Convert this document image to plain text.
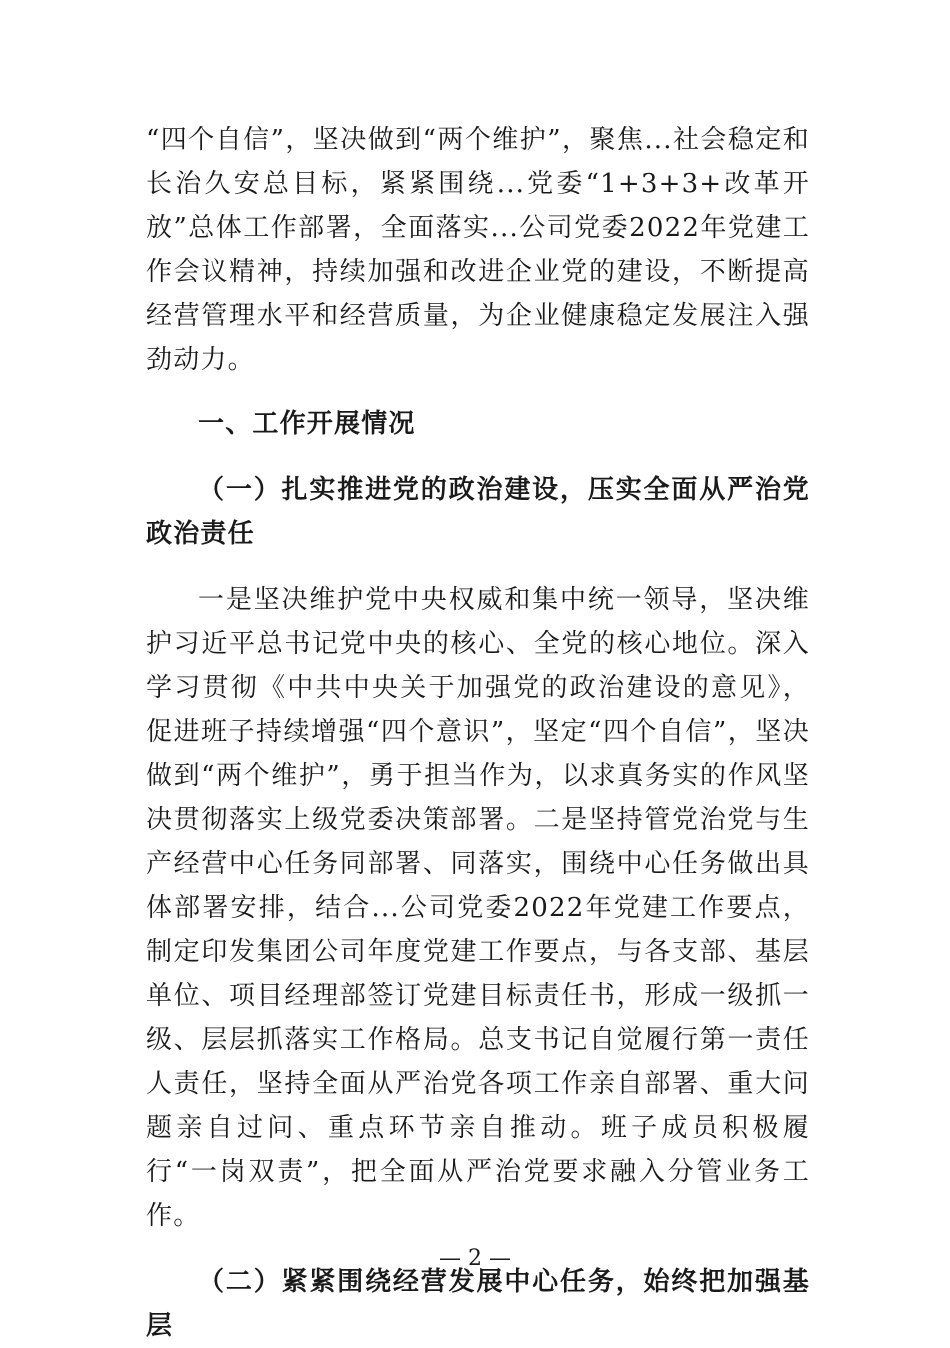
“四个自信”，坚决做到“两个维护”，聚焦...社会稳定和长治久安总目标，紧紧围绕...党委“1+3+3+改革开放”总体工作部署，全面落实...公司党委2022年党建工作会议精神，持续加强和改进企业党的建设，不断提高经营管理水平和经营质量，为企业健康稳定发展注入强劲动力。

一、工作开展情况

（一）扎实推进党的政治建设，压实全面从严治党政治责任

一是坚决维护党中央权威和集中统一领导，坚决维护习近平总书记党中央的核心、全党的核心地位。深入学习贯彻《中共中央关于加强党的政治建设的意见》，促进班子持续增强“四个意识”，坚定“四个自信”，坚决做到“两个维护”，勇于担当作为，以求真务实的作风坚决贯彻落实上级党委决策部署。二是坚持管党治党与生产经营中心任务同部署、同落实，围绕中心任务做出具体部署安排，结合...公司党委2022年党建工作要点，制定印发集团公司年度党建工作要点，与各支部、基层单位、项目经理部签订党建目标责任书，形成一级抓一级、层层抓落实工作格局。总支书记自觉履行第一责任人责任，坚持全面从严治党各项工作亲自部署、重大问题亲自过问、重点环节亲自推动。班子成员积极履行“一岗双责”，把全面从严治党要求融入分管业务工作。

（二）紧紧围绕经营发展中心任务，始终把加强基层

— 2 —
